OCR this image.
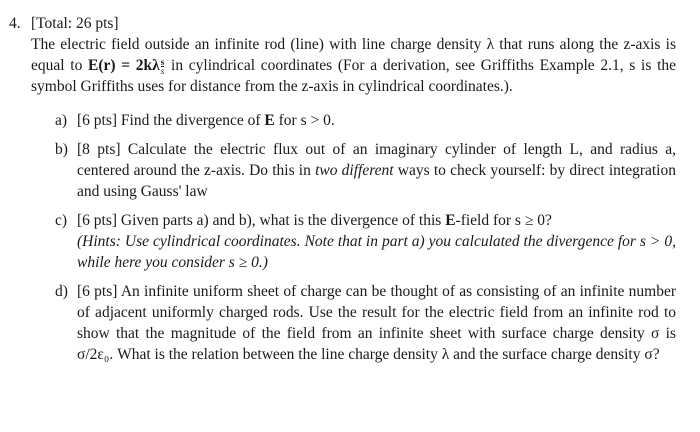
4. [Total: 26 pts]
The electric field outside an infinite rod (line) with line charge density λ that runs along the z-axis is equal to $E(r) = 2k\lambda \frac{s}{s}$ in cylindrical coordinates (For a derivation, see Griffiths Example 2.1, s is the symbol Griffiths uses for distance from the z-axis in cylindrical coordinates.).
a) [6 pts] Find the divergence of E for s > 0.
b) [8 pts] Calculate the electric flux out of an imaginary cylinder of length L, and radius a, centered around the z-axis. Do this in two different ways to check yourself: by direct integration and using Gauss' law
c) [6 pts] Given parts a) and b), what is the divergence of this E-field for s ≥ 0?
(Hints: Use cylindrical coordinates. Note that in part a) you calculated the divergence for s > 0, while here you consider s ≥ 0.)
d) [6 pts] An infinite uniform sheet of charge can be thought of as consisting of an infinite number of adjacent uniformly charged rods. Use the result for the electric field from an infinite rod to show that the magnitude of the field from an infinite sheet with surface charge density σ is σ/2ε₀. What is the relation between the line charge density λ and the surface charge density σ?
